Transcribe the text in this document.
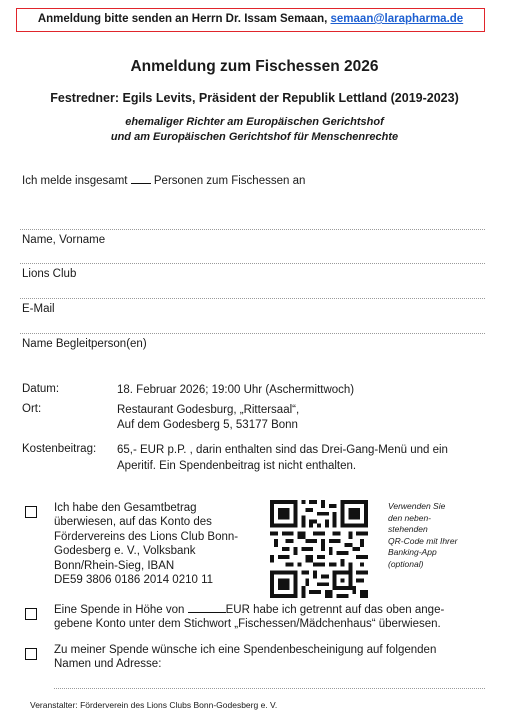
Anmeldung bitte senden an Herrn Dr. Issam Semaan, semaan@larapharma.de
Anmeldung zum Fischessen 2026
Festredner: Egils Levits, Präsident der Republik Lettland (2019-2023)
ehemaliger Richter am Europäischen Gerichtshof
und am Europäischen Gerichtshof für Menschenrechte
Ich melde insgesamt Personen zum Fischessen an
Name, Vorname
Lions Club
E-Mail
Name Begleitperson(en)
Datum:	18. Februar 2026; 19:00 Uhr (Aschermittwoch)
Ort:	Restaurant Godesburg, „Rittersaal“,
Auf dem Godesberg 5, 53177 Bonn
Kostenbeitrag: 65,- EUR p.P. , darin enthalten sind das Drei-Gang-Menü und ein
Aperitif. Ein Spendenbeitrag ist nicht enthalten.
Ich habe den Gesamtbetrag
überwiesen, auf das Konto des
Fördervereins des Lions Club Bonn-
Godesberg e. V., Volksbank
Bonn/Rhein-Sieg, IBAN
DE59 3806 0186 2014 0210 11
Verwenden Sie
den neben-
stehenden
QR-Code mit Ihrer
Banking-App
(optional)
Eine Spende in Höhe von	EUR habe ich getrennt auf das oben ange-
gebene Konto unter dem Stichwort „Fischessen/Mädchenhaus“ überwiesen.
Zu meiner Spende wünsche ich eine Spendenbescheinigung auf folgenden
Namen und Adresse:
Veranstalter: Förderverein des Lions Clubs Bonn-Godesberg e. V.
